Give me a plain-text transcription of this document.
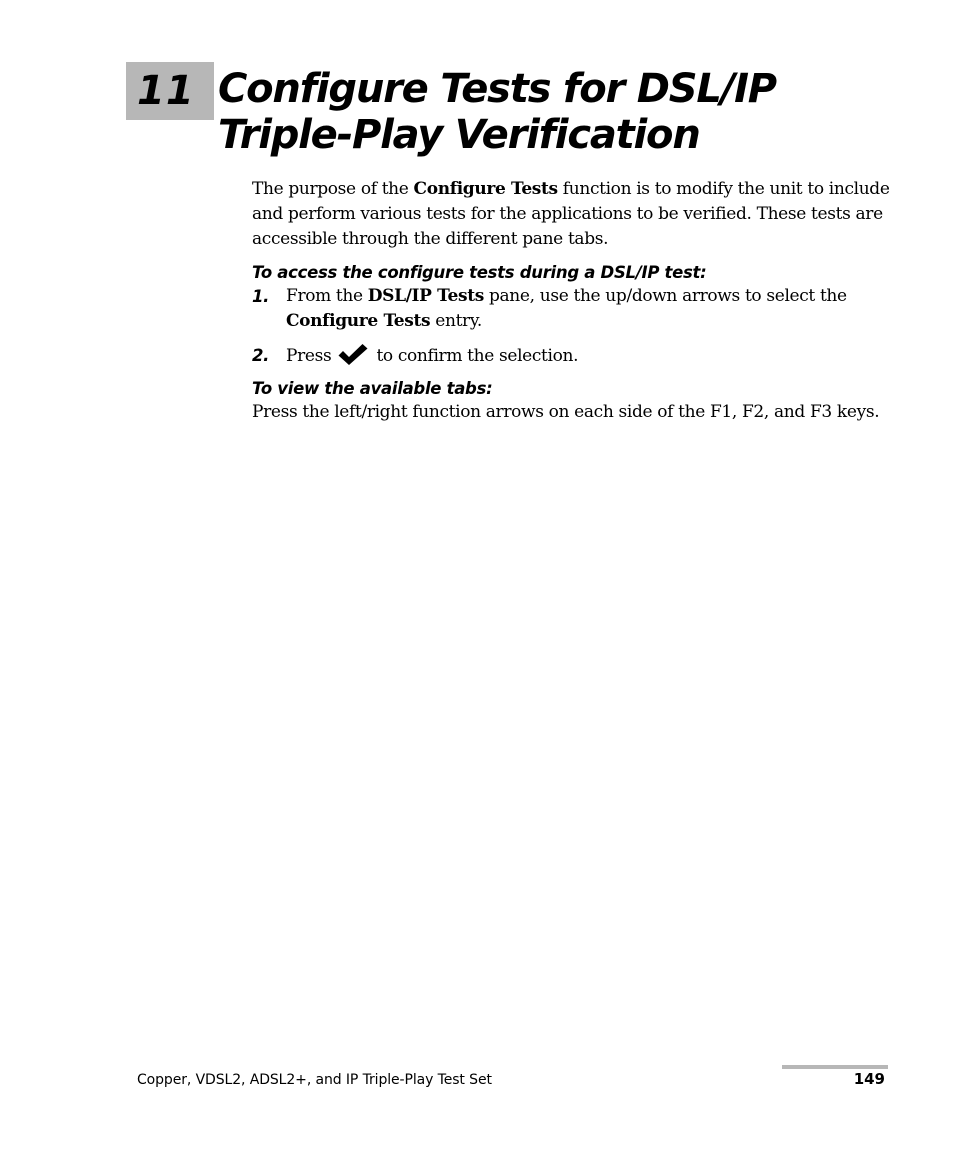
11 Configure Tests for DSL/IP
Triple-Play Verification

The purpose of the Configure Tests function is to modify the unit to include and perform various tests for the applications to be verified. These tests are accessible through the different pane tabs.

To access the configure tests during a DSL/IP test:

1. From the DSL/IP Tests pane, use the up/down arrows to select the Configure Tests entry.
2. Press	to confirm the selection.

To view the available tabs:

Press the left/right function arrows on each side of the F1, F2, and F3 keys.

Copper, VDSL2, ADSL2+, and IP Triple-Play Test Set	149
